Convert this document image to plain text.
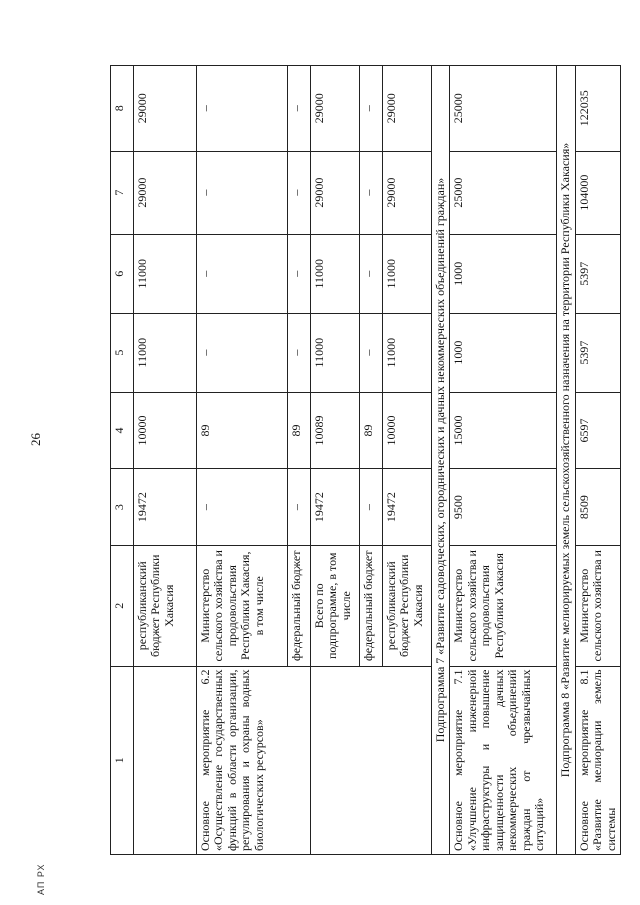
26
АП РХ
1	2	3	4	5	6	7	8
	республиканский бюджет Республики Хакасия	19472	10000	11000	11000	29000	29000
Основное мероприятие 6.2 «Осуществление государственных функций в области организации, регулирования и охраны водных биологических ресурсов»	Министерство сельского хозяйства и продовольствия Республики Хакасия, в том числе	–	89	–	–	–	–
	федеральный бюджет	–	89	–	–	–	–
	Всего по подпрограмме, в том числе	19472	10089	11000	11000	29000	29000
	федеральный бюджет	–	89	–	–	–	–
	республиканский бюджет Республики Хакасия	19472	10000	11000	11000	29000	29000
Подпрограмма 7 «Развитие садоводческих, огороднических и дачных некоммерческих объединений граждан»							
Основное мероприятие 7.1 «Улучшение инженерной инфраструктуры и повышение защищенности дачных некоммерческих объединений граждан от чрезвычайных ситуаций»	Министерство сельского хозяйства и продовольствия Республики Хакасия	9500	15000	1000	1000	25000	25000
Подпрограмма 8 «Развитие мелиорируемых земель сельскохозяйственного назначения на территории Республики Хакасия»							
Основное мероприятие 8.1 «Развитие мелиорации земель системы	Министерство сельского хозяйства и	8509	6597	5397	5397	104000	122035
